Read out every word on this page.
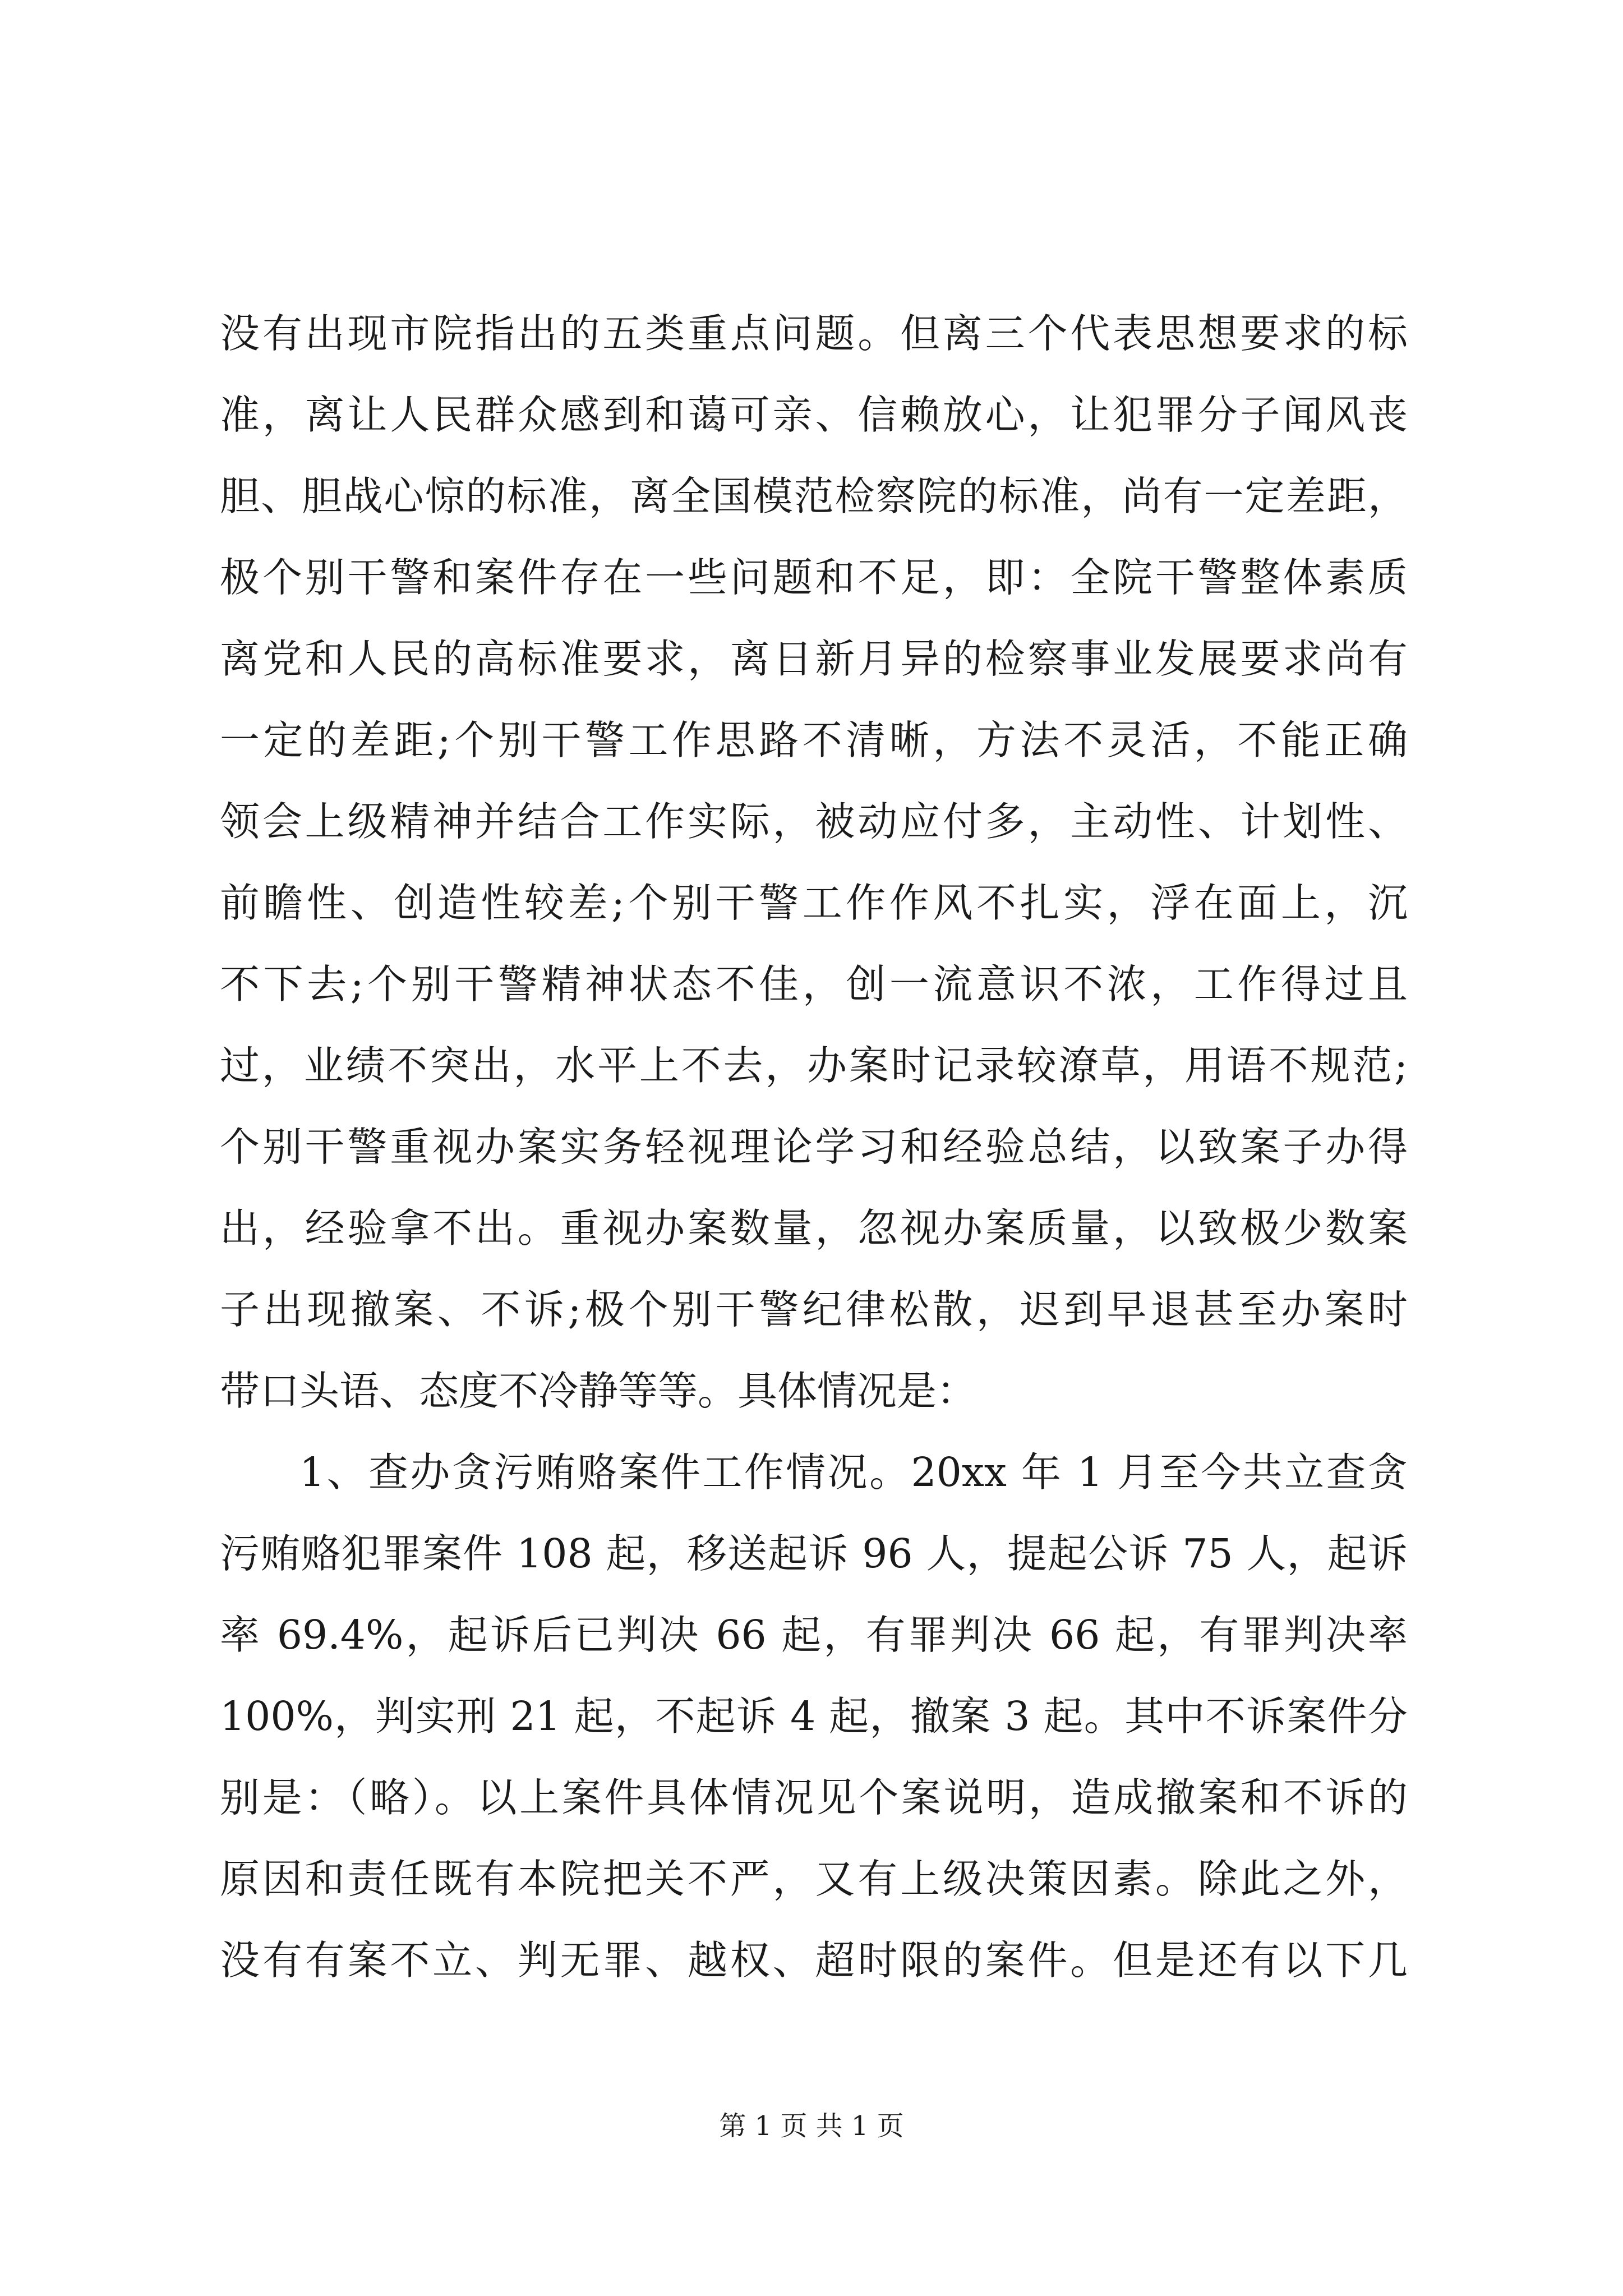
没有出现市院指出的五类重点问题。但离三个代表思想要求的标
准，离让人民群众感到和蔼可亲、信赖放心，让犯罪分子闻风丧
胆、胆战心惊的标准，离全国模范检察院的标准，尚有一定差距，
极个别干警和案件存在一些问题和不足，即：全院干警整体素质
离党和人民的高标准要求，离日新月异的检察事业发展要求尚有
一定的差距;个别干警工作思路不清晰，方法不灵活，不能正确
领会上级精神并结合工作实际，被动应付多，主动性、计划性、
前瞻性、创造性较差;个别干警工作作风不扎实，浮在面上，沉
不下去;个别干警精神状态不佳，创一流意识不浓，工作得过且
过，业绩不突出，水平上不去，办案时记录较潦草，用语不规范;
个别干警重视办案实务轻视理论学习和经验总结，以致案子办得
出，经验拿不出。重视办案数量，忽视办案质量，以致极少数案
子出现撤案、不诉;极个别干警纪律松散，迟到早退甚至办案时
带口头语、态度不冷静等等。具体情况是：
1、查办贪污贿赂案件工作情况。20xx 年 1 月至今共立查贪
污贿赂犯罪案件 108 起，移送起诉 96 人，提起公诉 75 人，起诉
率 69.4%，起诉后已判决 66 起，有罪判决 66 起，有罪判决率
100%，判实刑 21 起，不起诉 4 起，撤案 3 起。其中不诉案件分
别是：（略）。以上案件具体情况见个案说明，造成撤案和不诉的
原因和责任既有本院把关不严，又有上级决策因素。除此之外，
没有有案不立、判无罪、越权、超时限的案件。但是还有以下几
第 1 页 共 1 页
